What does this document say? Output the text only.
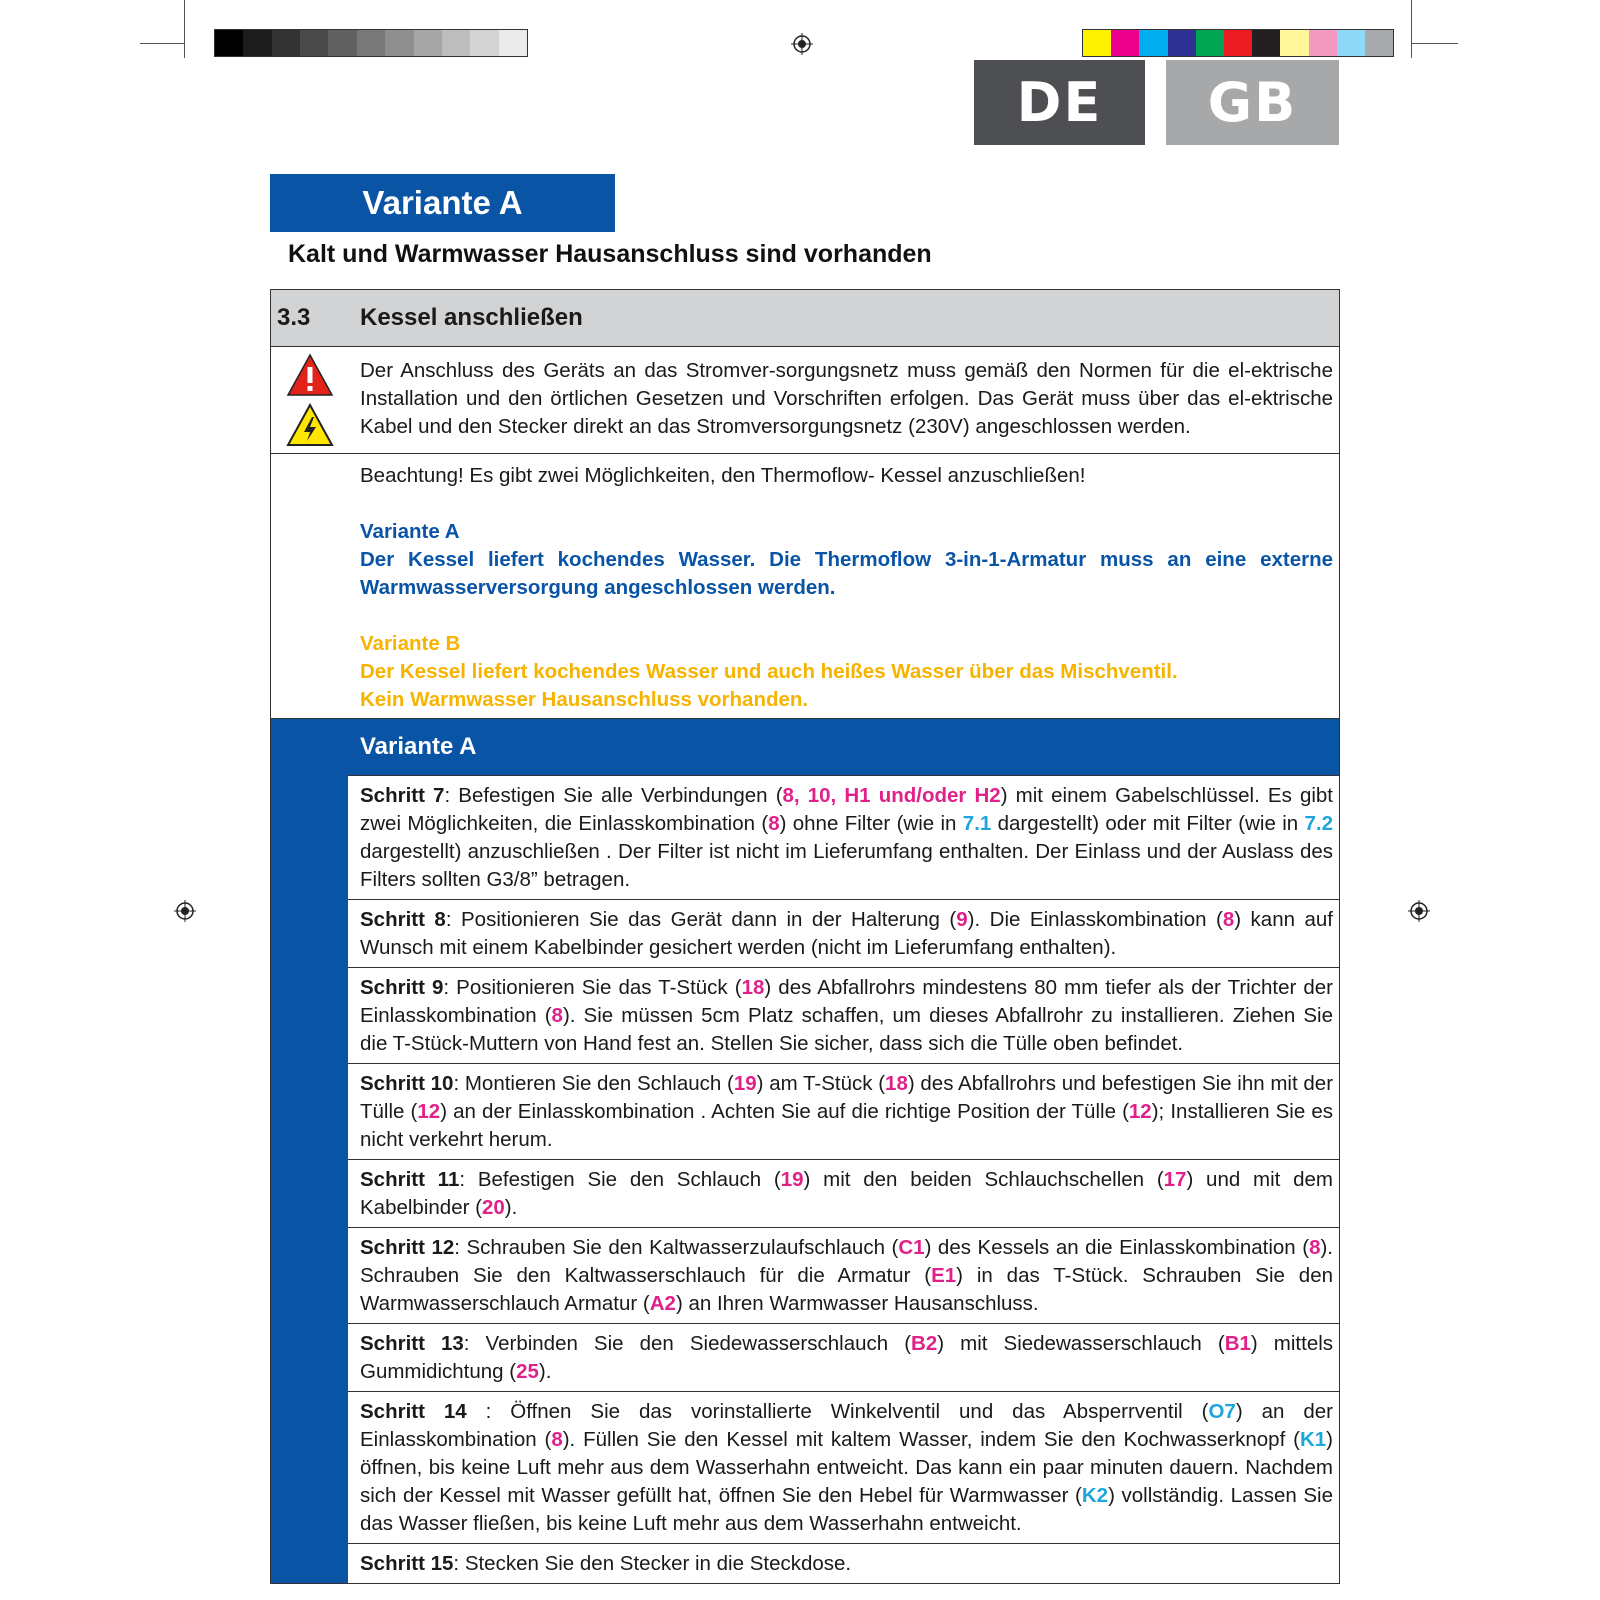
DE	GB
Variante A
Kalt und Warmwasser Hausanschluss sind vorhanden
3.3	Kessel anschließen
Der Anschluss des Geräts an das Stromver-sorgungsnetz muss gemäß den Normen für die el-ektrische Installation und den örtlichen Gesetzen und Vorschriften erfolgen. Das Gerät muss über das el-ektrische Kabel und den Stecker direkt an das Stromversorgungsnetz (230V) angeschlossen werden.
Beachtung! Es gibt zwei Möglichkeiten, den Thermoflow- Kessel anzuschließen!
Variante A
Der Kessel liefert kochendes Wasser. Die Thermoflow 3-in-1-Armatur muss an eine externe Warmwasserversorgung angeschlossen werden.
Variante B
Der Kessel liefert kochendes Wasser und auch heißes Wasser über das Mischventil.
Kein Warmwasser Hausanschluss vorhanden.
Variante A
Schritt 7: Befestigen Sie alle Verbindungen (8, 10, H1 und/oder H2) mit einem Gabelschlüssel. Es gibt zwei Möglichkeiten, die Einlasskombination (8) ohne Filter (wie in 7.1 dargestellt) oder mit Filter (wie in 7.2 dargestellt) anzuschließen . Der Filter ist nicht im Lieferumfang enthalten. Der Einlass und der Auslass des Filters sollten G3/8” betragen.
Schritt 8: Positionieren Sie das Gerät dann in der Halterung (9). Die Einlasskombination (8) kann auf Wunsch mit einem Kabelbinder gesichert werden (nicht im Lieferumfang enthalten).
Schritt 9: Positionieren Sie das T-Stück (18) des Abfallrohrs mindestens 80 mm tiefer als der Trichter der Einlasskombination (8). Sie müssen 5cm Platz schaffen, um dieses Abfallrohr zu installieren. Ziehen Sie die T-Stück-Muttern von Hand fest an. Stellen Sie sicher, dass sich die Tülle oben befindet.
Schritt 10: Montieren Sie den Schlauch (19) am T-Stück (18) des Abfallrohrs und befestigen Sie ihn mit der Tülle (12) an der Einlasskombination . Achten Sie auf die richtige Position der Tülle (12); Installieren Sie es nicht verkehrt herum.
Schritt 11: Befestigen Sie den Schlauch (19) mit den beiden Schlauchschellen (17) und mit dem Kabelbinder (20).
Schritt 12: Schrauben Sie den Kaltwasserzulaufschlauch (C1) des Kessels an die Einlasskombination (8). Schrauben Sie den Kaltwasserschlauch für die Armatur (E1) in das T-Stück. Schrauben Sie den Warmwasserschlauch Armatur (A2) an Ihren Warmwasser Hausanschluss.
Schritt 13: Verbinden Sie den Siedewasserschlauch (B2) mit Siedewasserschlauch (B1) mittels Gummidichtung (25).
Schritt 14 : Öffnen Sie das vorinstallierte Winkelventil und das Absperrventil (O7) an der Einlasskombination (8). Füllen Sie den Kessel mit kaltem Wasser, indem Sie den Kochwasserknopf (K1) öffnen, bis keine Luft mehr aus dem Wasserhahn entweicht. Das kann ein paar minuten dauern. Nachdem sich der Kessel mit Wasser gefüllt hat, öffnen Sie den Hebel für Warmwasser (K2) vollständig. Lassen Sie das Wasser fließen, bis keine Luft mehr aus dem Wasserhahn entweicht.
Schritt 15: Stecken Sie den Stecker in die Steckdose.
